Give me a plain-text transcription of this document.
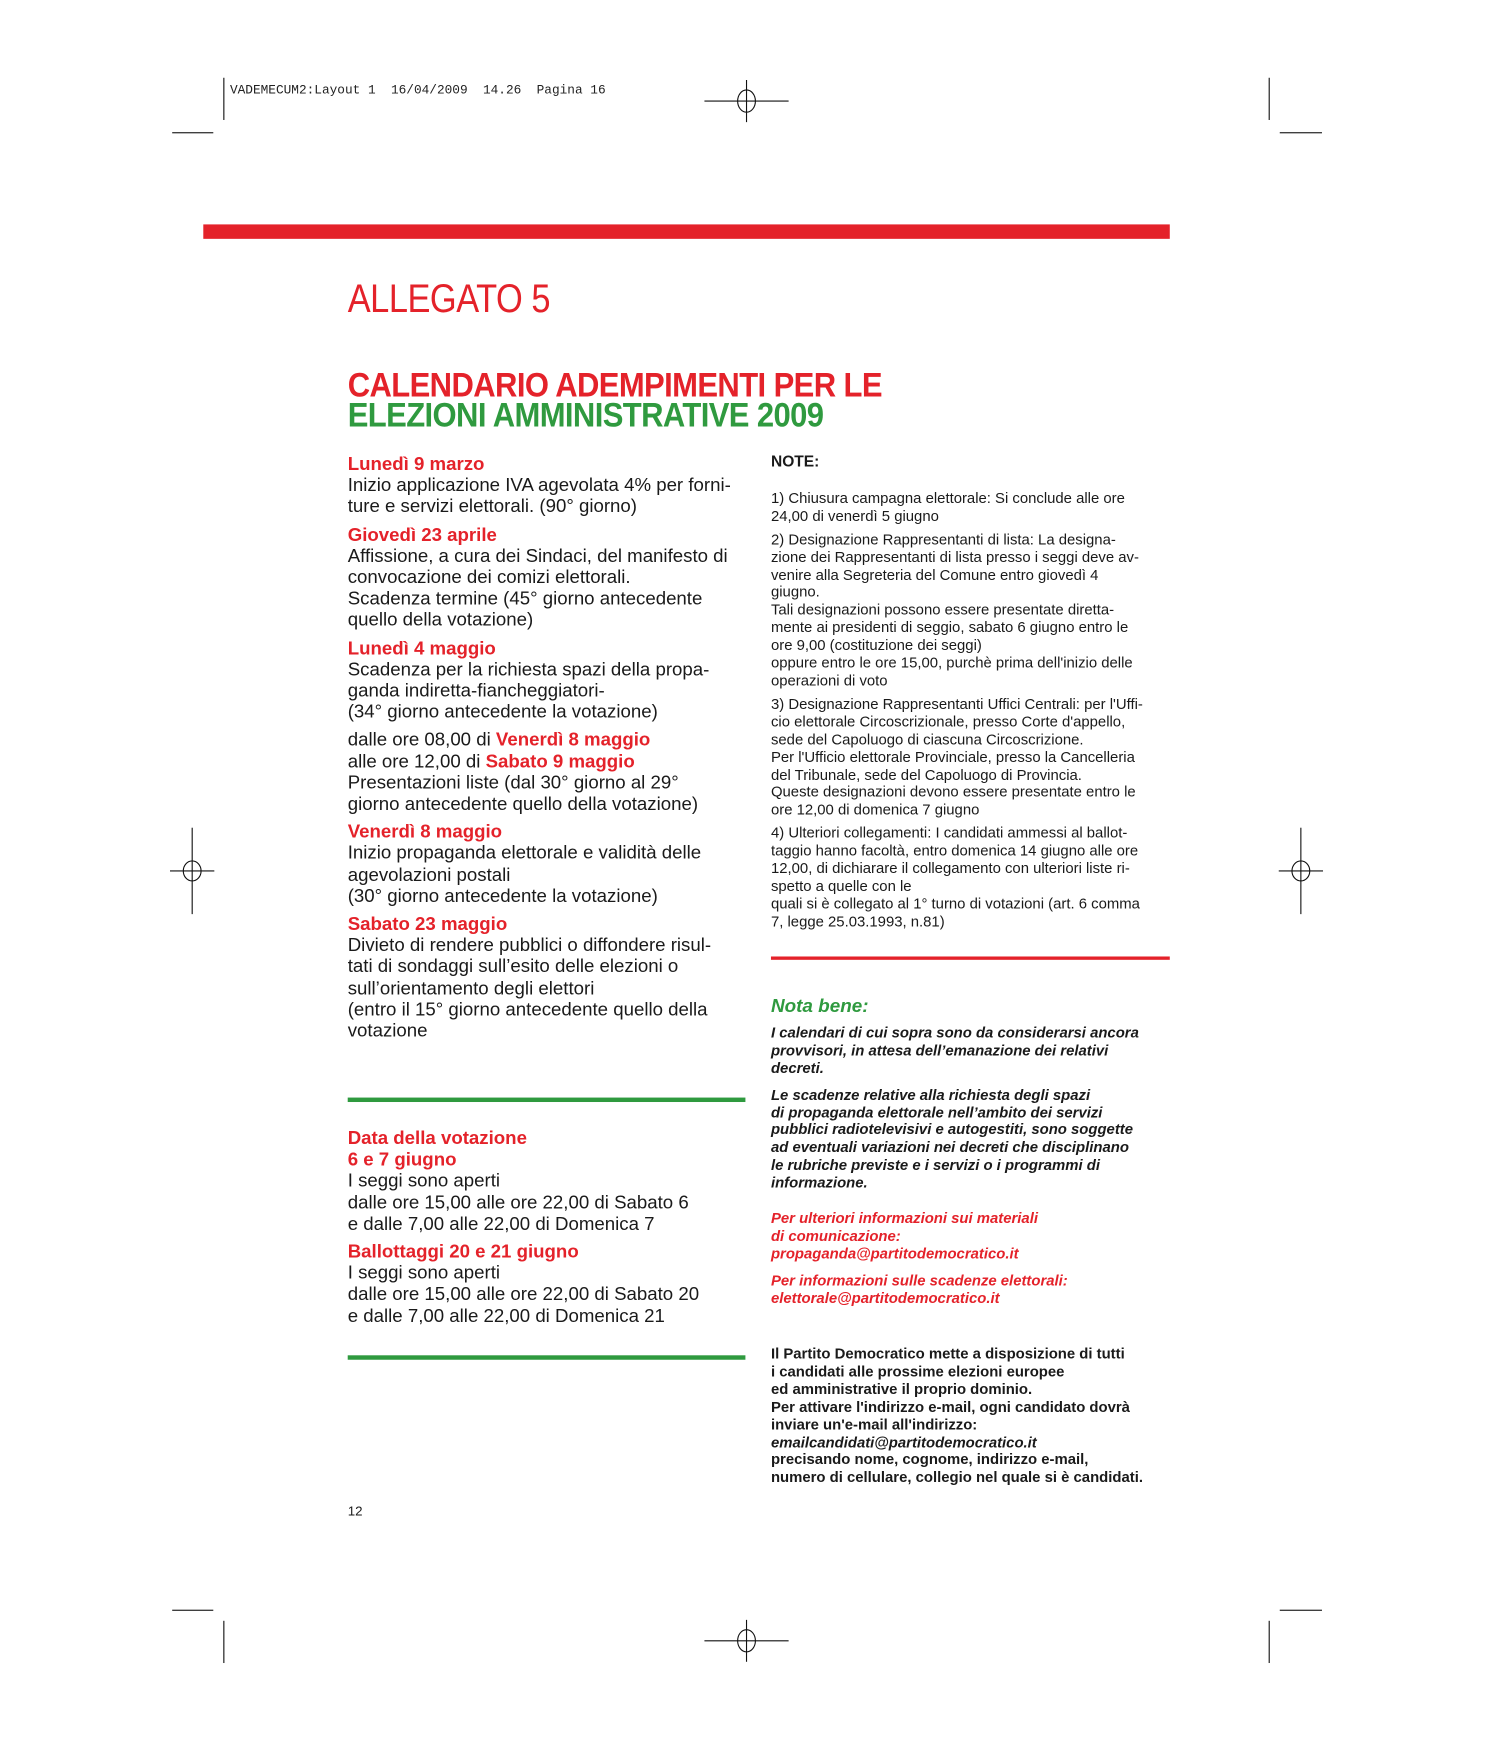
VADEMECUM2:Layout 1  16/04/2009  14.26  Pagina 16
ALLEGATO 5
CALENDARIO ADEMPIMENTI PER LE
ELEZIONI AMMINISTRATIVE 2009
Lunedì 9 marzo
Inizio applicazione IVA agevolata 4% per forni-
ture e servizi elettorali. (90° giorno)
Giovedì 23 aprile
Affissione, a cura dei Sindaci, del manifesto di
convocazione dei comizi elettorali.
Scadenza termine (45° giorno antecedente
quello della votazione)
Lunedì 4 maggio
Scadenza per la richiesta spazi della propa-
ganda indiretta-fiancheggiatori-
(34° giorno antecedente la votazione)
dalle ore 08,00 di Venerdì 8 maggio
alle ore 12,00 di Sabato 9 maggio
Presentazioni liste (dal 30° giorno al 29°
giorno antecedente quello della votazione)
Venerdì 8 maggio
Inizio propaganda elettorale e validità delle
agevolazioni postali
(30° giorno antecedente la votazione)
Sabato 23 maggio
Divieto di rendere pubblici o diffondere risul-
tati di sondaggi sull’esito delle elezioni o
sull’orientamento degli elettori
(entro il 15° giorno antecedente quello della
votazione
Data della votazione
6 e 7 giugno
I seggi sono aperti
dalle ore 15,00 alle ore 22,00 di Sabato 6
e dalle 7,00 alle 22,00 di Domenica 7
Ballottaggi 20 e 21 giugno
I seggi sono aperti
dalle ore 15,00 alle ore 22,00 di Sabato 20
e dalle 7,00 alle 22,00 di Domenica 21
NOTE:
1) Chiusura campagna elettorale: Si conclude alle ore
24,00 di venerdì 5 giugno
2) Designazione Rappresentanti di lista: La designa-
zione dei Rappresentanti di lista presso i seggi deve av-
venire alla Segreteria del Comune entro giovedì 4
giugno.
Tali designazioni possono essere presentate diretta-
mente ai presidenti di seggio, sabato 6 giugno entro le
ore 9,00 (costituzione dei seggi)
oppure entro le ore 15,00, purchè prima dell'inizio delle
operazioni di voto
3) Designazione Rappresentanti Uffici Centrali: per l'Uffi-
cio elettorale Circoscrizionale, presso Corte d'appello,
sede del Capoluogo di ciascuna Circoscrizione.
Per l'Ufficio elettorale Provinciale, presso la Cancelleria
del Tribunale, sede del Capoluogo di Provincia.
Queste designazioni devono essere presentate entro le
ore 12,00 di domenica 7 giugno
4) Ulteriori collegamenti: I candidati ammessi al ballot-
taggio hanno facoltà, entro domenica 14 giugno alle ore
12,00, di dichiarare il collegamento con ulteriori liste ri-
spetto a quelle con le
quali si è collegato al 1° turno di votazioni (art. 6 comma
7, legge 25.03.1993, n.81)
Nota bene:
I calendari di cui sopra sono da considerarsi ancora
provvisori, in attesa dell’emanazione dei relativi
decreti.
Le scadenze relative alla richiesta degli spazi
di propaganda elettorale nell’ambito dei servizi
pubblici radiotelevisivi e autogestiti, sono soggette
ad eventuali variazioni nei decreti che disciplinano
le rubriche previste e i servizi o i programmi di
informazione.
Per ulteriori informazioni sui materiali
di comunicazione:
propaganda@partitodemocratico.it
Per informazioni sulle scadenze elettorali:
elettorale@partitodemocratico.it
Il Partito Democratico mette a disposizione di tutti
i candidati alle prossime elezioni europee
ed amministrative il proprio dominio.
Per attivare l'indirizzo e-mail, ogni candidato dovrà
inviare un'e-mail all'indirizzo:
emailcandidati@partitodemocratico.it
precisando nome, cognome, indirizzo e-mail,
numero di cellulare, collegio nel quale si è candidati.
12
